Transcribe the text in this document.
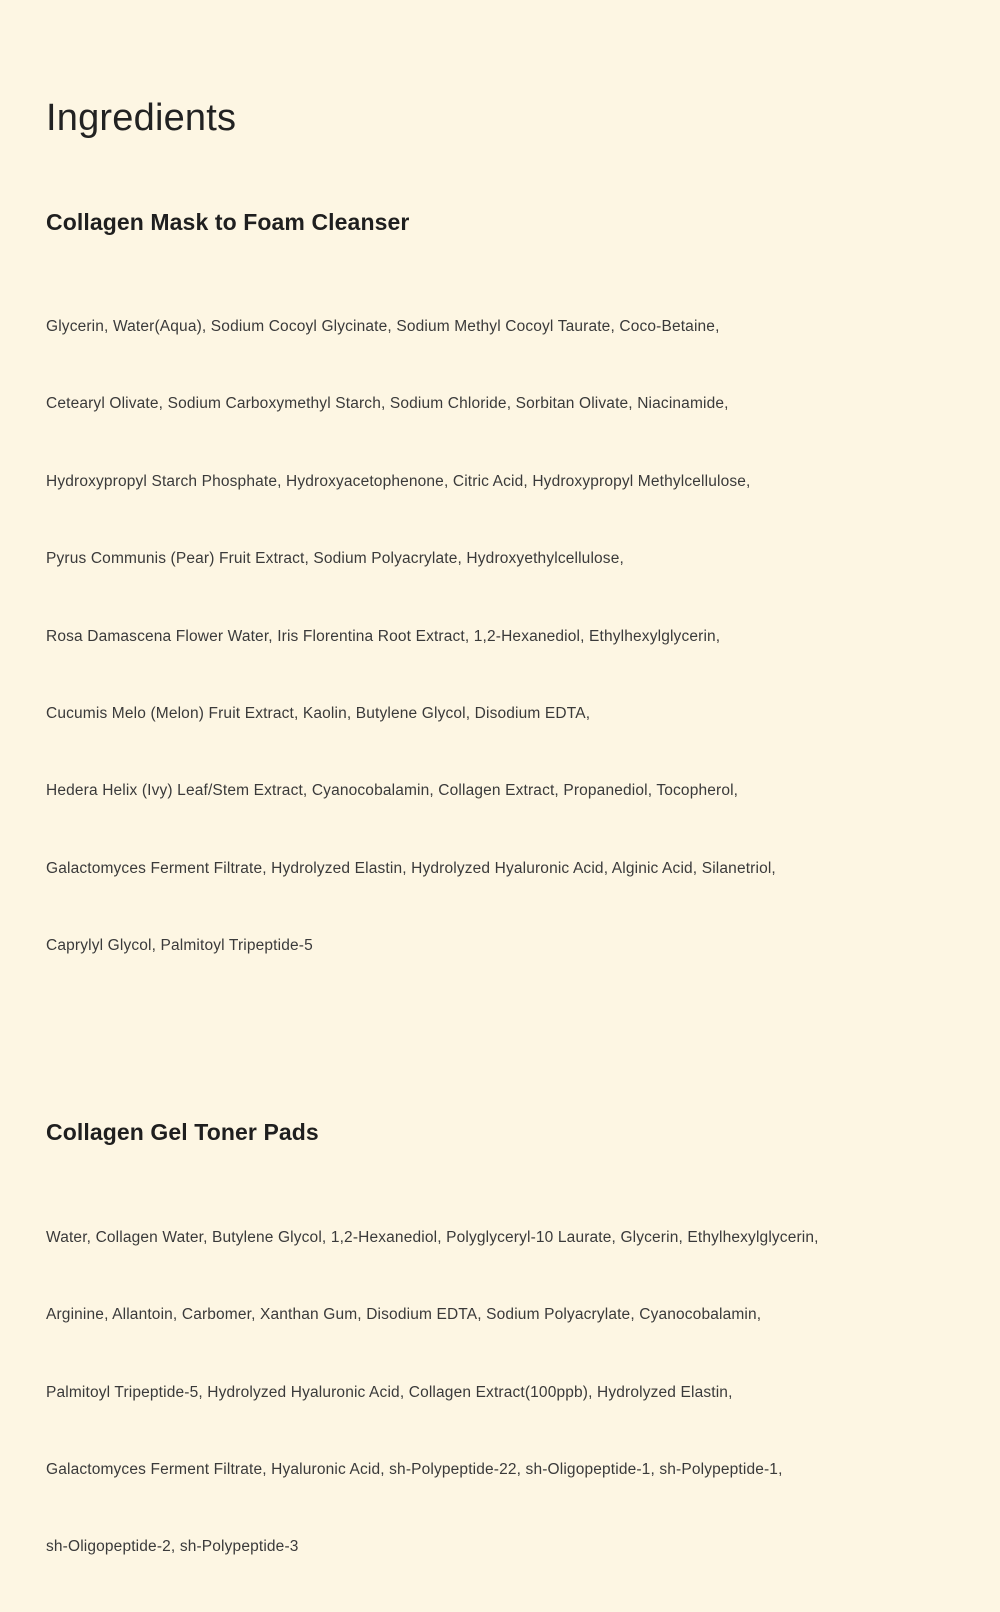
Ingredients
Collagen Mask to Foam Cleanser

Glycerin, Water(Aqua), Sodium Cocoyl Glycinate, Sodium Methyl Cocoyl Taurate, Coco-Betaine,

Cetearyl Olivate, Sodium Carboxymethyl Starch, Sodium Chloride, Sorbitan Olivate, Niacinamide,

Hydroxypropyl Starch Phosphate, Hydroxyacetophenone, Citric Acid, Hydroxypropyl Methylcellulose,

Pyrus Communis (Pear) Fruit Extract, Sodium Polyacrylate, Hydroxyethylcellulose,

Rosa Damascena Flower Water, Iris Florentina Root Extract, 1,2-Hexanediol, Ethylhexylglycerin,

Cucumis Melo (Melon) Fruit Extract, Kaolin, Butylene Glycol, Disodium EDTA,

Hedera Helix (Ivy) Leaf/Stem Extract, Cyanocobalamin, Collagen Extract, Propanediol, Tocopherol,

Galactomyces Ferment Filtrate, Hydrolyzed Elastin, Hydrolyzed Hyaluronic Acid, Alginic Acid, Silanetriol,

Caprylyl Glycol, Palmitoyl Tripeptide-5

Collagen Gel Toner Pads

Water, Collagen Water, Butylene Glycol, 1,2-Hexanediol, Polyglyceryl-10 Laurate, Glycerin, Ethylhexylglycerin,

Arginine, Allantoin, Carbomer, Xanthan Gum, Disodium EDTA, Sodium Polyacrylate, Cyanocobalamin,

Palmitoyl Tripeptide-5, Hydrolyzed Hyaluronic Acid, Collagen Extract(100ppb), Hydrolyzed Elastin,

Galactomyces Ferment Filtrate, Hyaluronic Acid, sh-Polypeptide-22, sh-Oligopeptide-1, sh-Polypeptide-1,

sh-Oligopeptide-2, sh-Polypeptide-3
